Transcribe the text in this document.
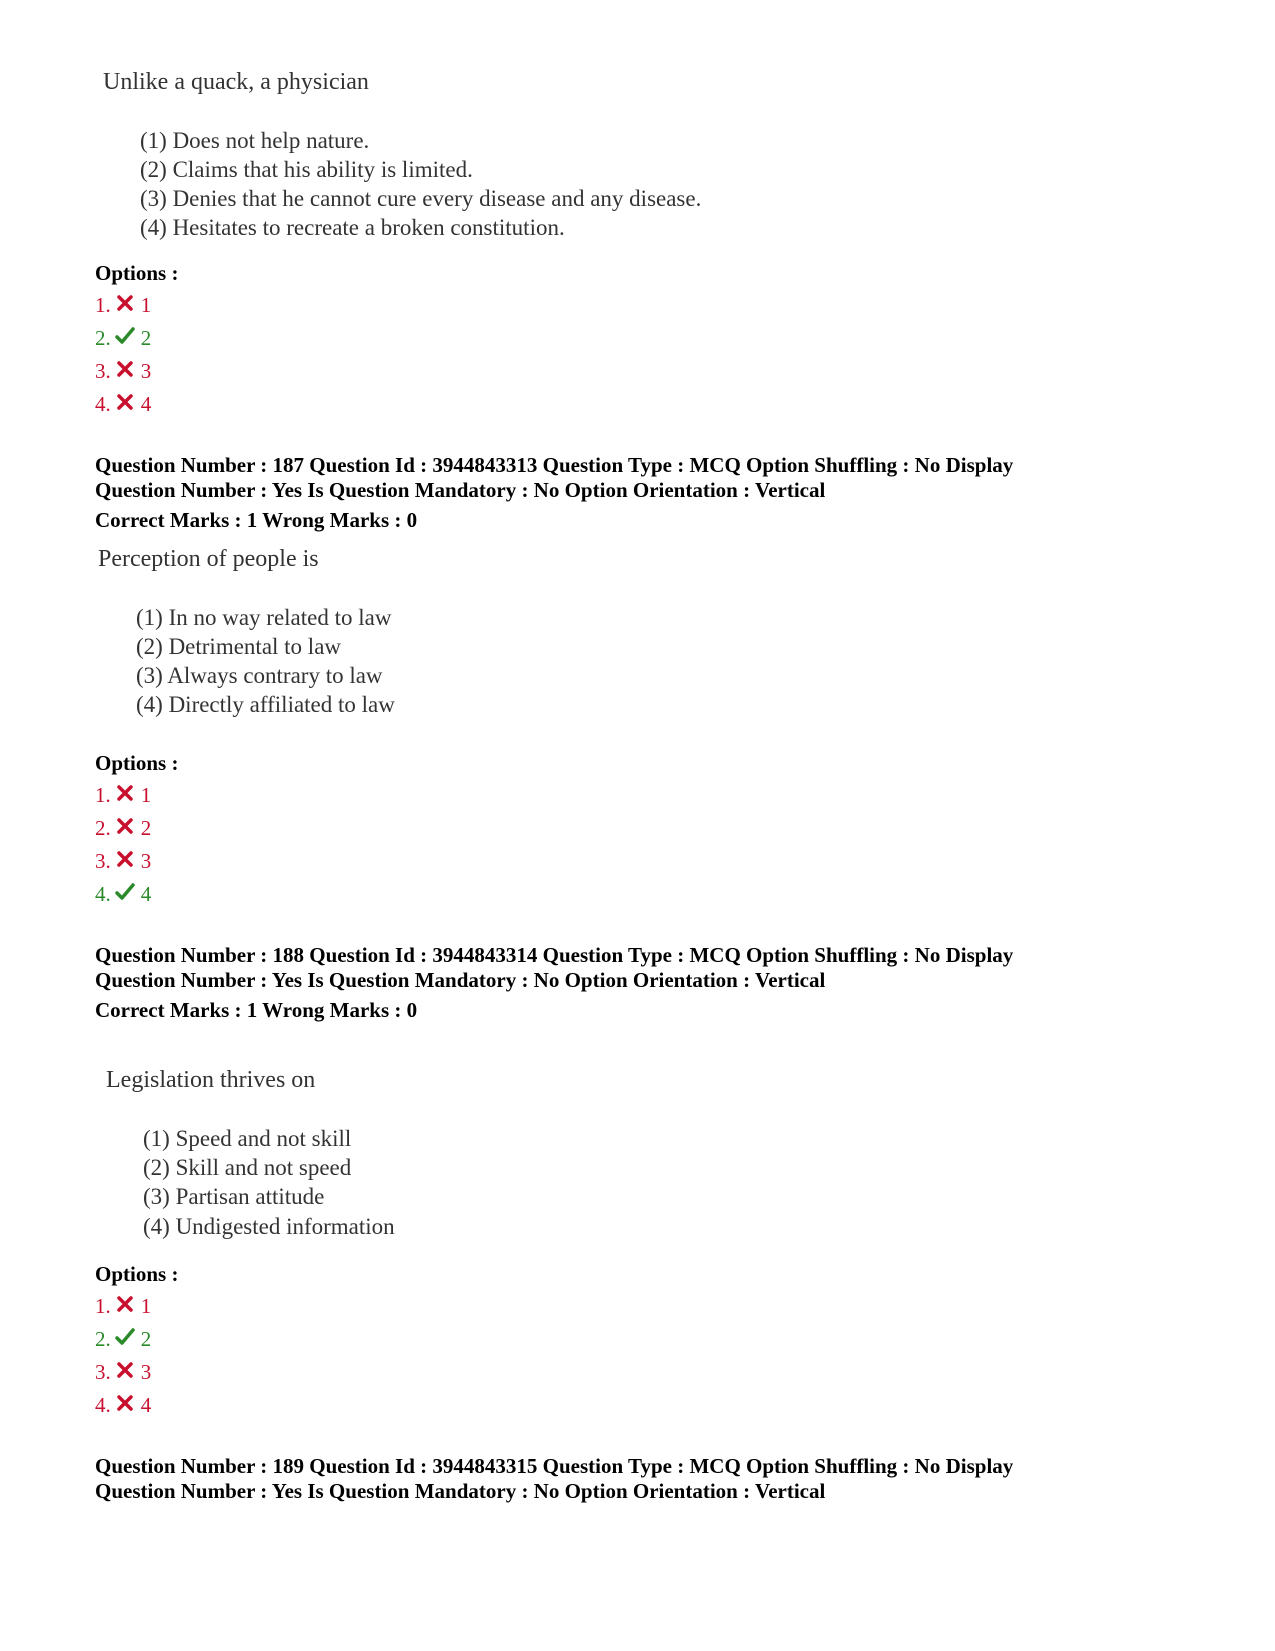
Unlike a quack, a physician
(1) Does not help nature.
(2) Claims that his ability is limited.
(3) Denies that he cannot cure every disease and any disease.
(4) Hesitates to recreate a broken constitution.
Options :
1. 1
2. 2
3. 3
4. 4
Question Number : 187 Question Id : 3944843313 Question Type : MCQ Option Shuffling : No Display
Question Number : Yes Is Question Mandatory : No Option Orientation : Vertical
Correct Marks : 1 Wrong Marks : 0
Perception of people is
(1) In no way related to law
(2) Detrimental to law
(3) Always contrary to law
(4) Directly affiliated to law
Options :
1. 1
2. 2
3. 3
4. 4
Question Number : 188 Question Id : 3944843314 Question Type : MCQ Option Shuffling : No Display
Question Number : Yes Is Question Mandatory : No Option Orientation : Vertical
Correct Marks : 1 Wrong Marks : 0
Legislation thrives on
(1) Speed and not skill
(2) Skill and not speed
(3) Partisan attitude
(4) Undigested information
Options :
1. 1
2. 2
3. 3
4. 4
Question Number : 189 Question Id : 3944843315 Question Type : MCQ Option Shuffling : No Display
Question Number : Yes Is Question Mandatory : No Option Orientation : Vertical
